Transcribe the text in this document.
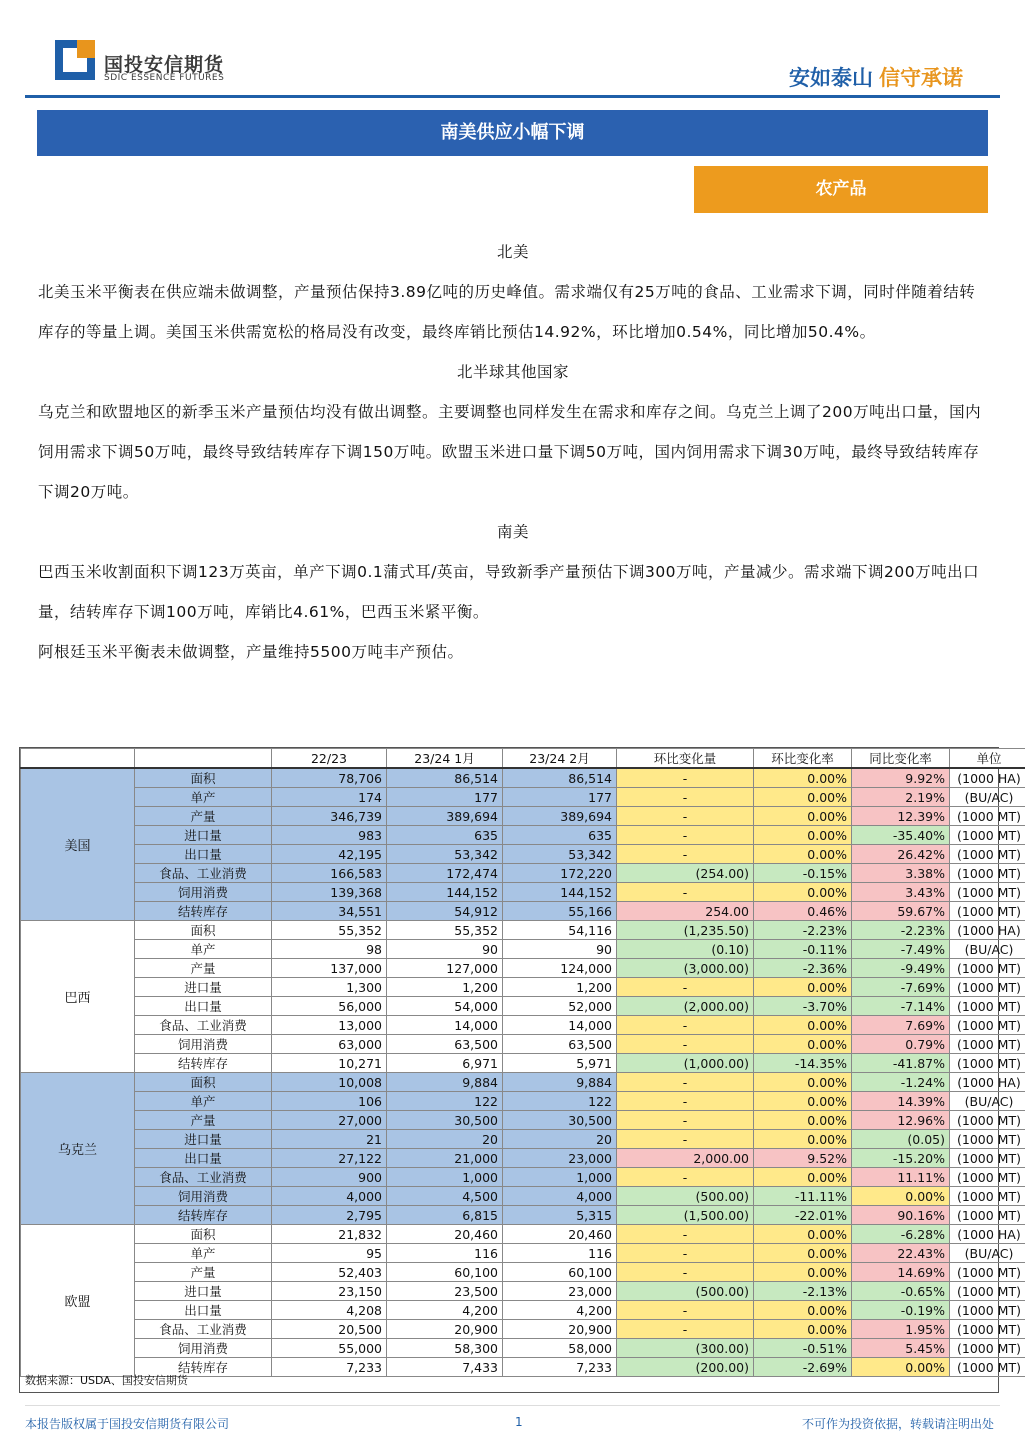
国投安信期货
SDIC ESSENCE FUTURES	安如泰山 信守承诺
南美供应小幅下调
农产品

北美

北美玉米平衡表在供应端未做调整，产量预估保持3.89亿吨的历史峰值。需求端仅有25万吨的食品、工业需求下调，同时伴随着结转库存的等量上调。美国玉米供需宽松的格局没有改变，最终库销比预估14.92%，环比增加0.54%，同比增加50.4%。

北半球其他国家

乌克兰和欧盟地区的新季玉米产量预估均没有做出调整。主要调整也同样发生在需求和库存之间。乌克兰上调了200万吨出口量，国内饲用需求下调50万吨，最终导致结转库存下调150万吨。欧盟玉米进口量下调50万吨，国内饲用需求下调30万吨，最终导致结转库存下调20万吨。

南美

巴西玉米收割面积下调123万英亩，单产下调0.1蒲式耳/英亩，导致新季产量预估下调300万吨，产量减少。需求端下调200万吨出口量，结转库存下调100万吨，库销比4.61%，巴西玉米紧平衡。

阿根廷玉米平衡表未做调整，产量维持5500万吨丰产预估。

		22/23	23/24 1月	23/24 2月	环比变化量	环比变化率	同比变化率	单位
美国	面积	78,706	86,514	86,514	-	0.00%	9.92%	(1000 HA)
	单产	174	177	177	-	0.00%	2.19%	(BU/AC)
	产量	346,739	389,694	389,694	-	0.00%	12.39%	(1000 MT)
	进口量	983	635	635	-	0.00%	-35.40%	(1000 MT)
	出口量	42,195	53,342	53,342	-	0.00%	26.42%	(1000 MT)
	食品、工业消费	166,583	172,474	172,220	(254.00)	-0.15%	3.38%	(1000 MT)
	饲用消费	139,368	144,152	144,152	-	0.00%	3.43%	(1000 MT)
	结转库存	34,551	54,912	55,166	254.00	0.46%	59.67%	(1000 MT)
巴西	面积	55,352	55,352	54,116	(1,235.50)	-2.23%	-2.23%	(1000 HA)
	单产	98	90	90	(0.10)	-0.11%	-7.49%	(BU/AC)
	产量	137,000	127,000	124,000	(3,000.00)	-2.36%	-9.49%	(1000 MT)
	进口量	1,300	1,200	1,200	-	0.00%	-7.69%	(1000 MT)
	出口量	56,000	54,000	52,000	(2,000.00)	-3.70%	-7.14%	(1000 MT)
	食品、工业消费	13,000	14,000	14,000	-	0.00%	7.69%	(1000 MT)
	饲用消费	63,000	63,500	63,500	-	0.00%	0.79%	(1000 MT)
	结转库存	10,271	6,971	5,971	(1,000.00)	-14.35%	-41.87%	(1000 MT)
乌克兰	面积	10,008	9,884	9,884	-	0.00%	-1.24%	(1000 HA)
	单产	106	122	122	-	0.00%	14.39%	(BU/AC)
	产量	27,000	30,500	30,500	-	0.00%	12.96%	(1000 MT)
	进口量	21	20	20	-	0.00%	(0.05)	(1000 MT)
	出口量	27,122	21,000	23,000	2,000.00	9.52%	-15.20%	(1000 MT)
	食品、工业消费	900	1,000	1,000	-	0.00%	11.11%	(1000 MT)
	饲用消费	4,000	4,500	4,000	(500.00)	-11.11%	0.00%	(1000 MT)
	结转库存	2,795	6,815	5,315	(1,500.00)	-22.01%	90.16%	(1000 MT)
欧盟	面积	21,832	20,460	20,460	-	0.00%	-6.28%	(1000 HA)
	单产	95	116	116	-	0.00%	22.43%	(BU/AC)
	产量	52,403	60,100	60,100	-	0.00%	14.69%	(1000 MT)
	进口量	23,150	23,500	23,000	(500.00)	-2.13%	-0.65%	(1000 MT)
	出口量	4,208	4,200	4,200	-	0.00%	-0.19%	(1000 MT)
	食品、工业消费	20,500	20,900	20,900	-	0.00%	1.95%	(1000 MT)
	饲用消费	55,000	58,300	58,000	(300.00)	-0.51%	5.45%	(1000 MT)
	结转库存	7,233	7,433	7,233	(200.00)	-2.69%	0.00%	(1000 MT)
数据来源：USDA、国投安信期货
本报告版权属于国投安信期货有限公司	1	不可作为投资依据，转载请注明出处
